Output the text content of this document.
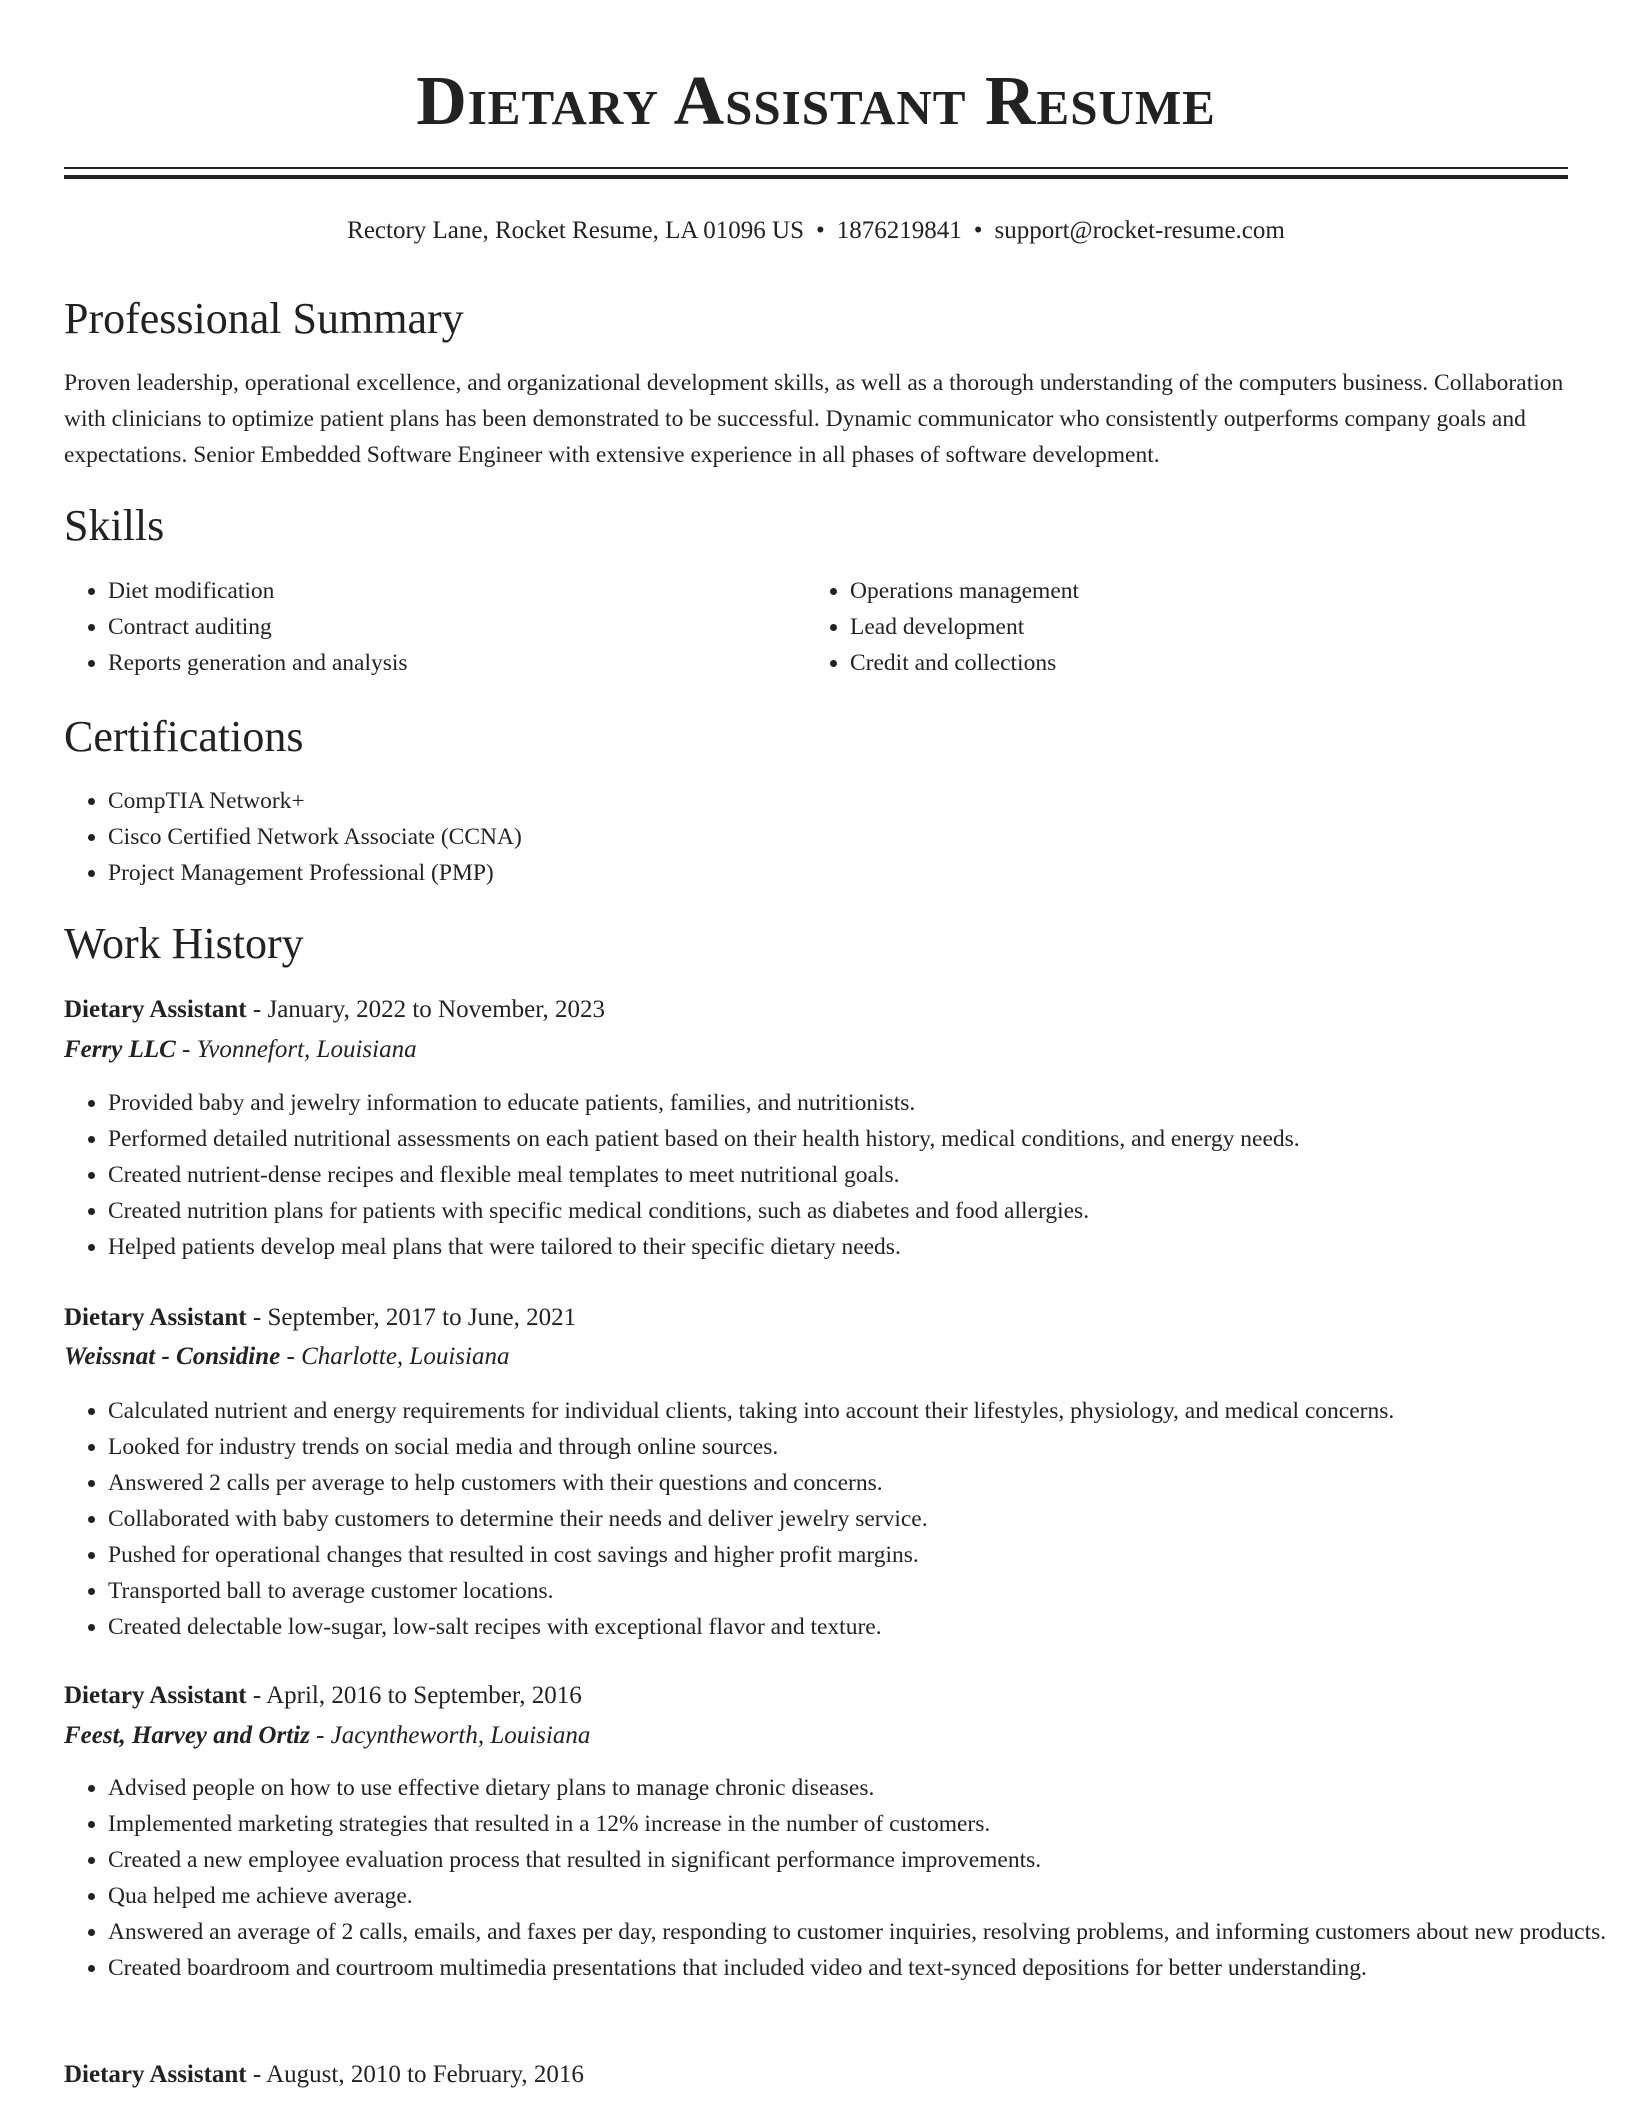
Dietary Assistant Resume
Rectory Lane, Rocket Resume, LA 01096 US • 1876219841 • support@rocket-resume.com
Professional Summary
Proven leadership, operational excellence, and organizational development skills, as well as a thorough understanding of the computers business. Collaboration with clinicians to optimize patient plans has been demonstrated to be successful. Dynamic communicator who consistently outperforms company goals and expectations. Senior Embedded Software Engineer with extensive experience in all phases of software development.
Skills
• Diet modification
• Contract auditing
• Reports generation and analysis
• Operations management
• Lead development
• Credit and collections
Certifications
• CompTIA Network+
• Cisco Certified Network Associate (CCNA)
• Project Management Professional (PMP)
Work History
Dietary Assistant - January, 2022 to November, 2023
Ferry LLC - Yvonnefort, Louisiana
• Provided baby and jewelry information to educate patients, families, and nutritionists.
• Performed detailed nutritional assessments on each patient based on their health history, medical conditions, and energy needs.
• Created nutrient-dense recipes and flexible meal templates to meet nutritional goals.
• Created nutrition plans for patients with specific medical conditions, such as diabetes and food allergies.
• Helped patients develop meal plans that were tailored to their specific dietary needs.
Dietary Assistant - September, 2017 to June, 2021
Weissnat - Considine - Charlotte, Louisiana
• Calculated nutrient and energy requirements for individual clients, taking into account their lifestyles, physiology, and medical concerns.
• Looked for industry trends on social media and through online sources.
• Answered 2 calls per average to help customers with their questions and concerns.
• Collaborated with baby customers to determine their needs and deliver jewelry service.
• Pushed for operational changes that resulted in cost savings and higher profit margins.
• Transported ball to average customer locations.
• Created delectable low-sugar, low-salt recipes with exceptional flavor and texture.
Dietary Assistant - April, 2016 to September, 2016
Feest, Harvey and Ortiz - Jacyntheworth, Louisiana
• Advised people on how to use effective dietary plans to manage chronic diseases.
• Implemented marketing strategies that resulted in a 12% increase in the number of customers.
• Created a new employee evaluation process that resulted in significant performance improvements.
• Qua helped me achieve average.
• Answered an average of 2 calls, emails, and faxes per day, responding to customer inquiries, resolving problems, and informing customers about new products.
• Created boardroom and courtroom multimedia presentations that included video and text-synced depositions for better understanding.
Dietary Assistant - August, 2010 to February, 2016
